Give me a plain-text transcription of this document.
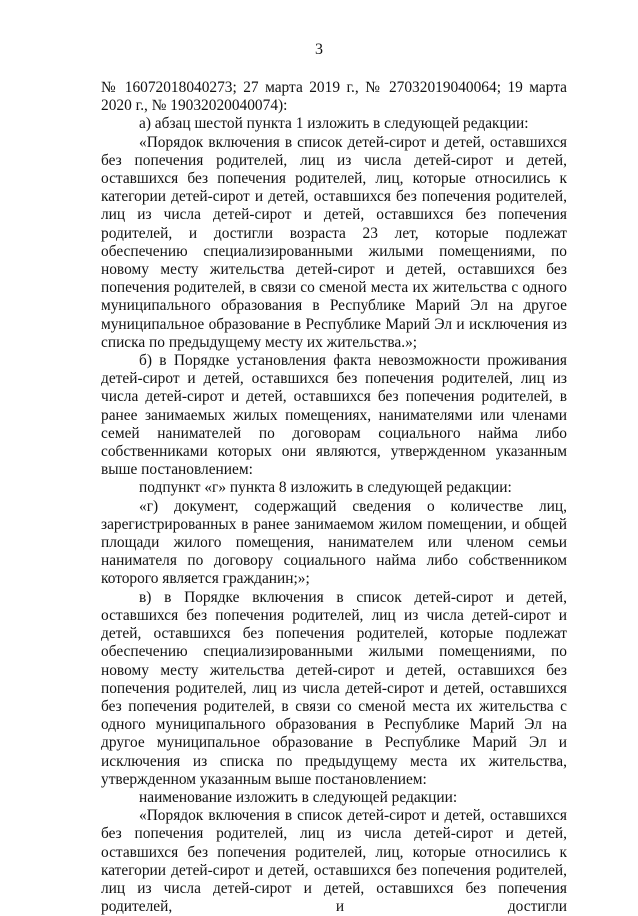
3

№ 16072018040273; 27 марта 2019 г., № 27032019040064; 19 марта 2020 г., № 19032020040074):

а) абзац шестой пункта 1 изложить в следующей редакции:

«Порядок включения в список детей-сирот и детей, оставшихся без попечения родителей, лиц из числа детей-сирот и детей, оставшихся без попечения родителей, лиц, которые относились к категории детей-сирот и детей, оставшихся без попечения родителей, лиц из числа детей-сирот и детей, оставшихся без попечения родителей, и достигли возраста 23 лет, которые подлежат обеспечению специализированными жилыми помещениями, по новому месту жительства детей-сирот и детей, оставшихся без попечения родителей, в связи со сменой места их жительства с одного муниципального образования в Республике Марий Эл на другое муниципальное образование в Республике Марий Эл и исключения из списка по предыдущему месту их жительства.»;

б) в Порядке установления факта невозможности проживания детей-сирот и детей, оставшихся без попечения родителей, лиц из числа детей-сирот и детей, оставшихся без попечения родителей, в ранее занимаемых жилых помещениях, нанимателями или членами семей нанимателей по договорам социального найма либо собственниками которых они являются, утвержденном указанным выше постановлением:

подпункт «г» пункта 8 изложить в следующей редакции:

«г) документ, содержащий сведения о количестве лиц, зарегистрированных в ранее занимаемом жилом помещении, и общей площади жилого помещения, нанимателем или членом семьи нанимателя по договору социального найма либо собственником которого является гражданин;»;

в) в Порядке включения в список детей-сирот и детей, оставшихся без попечения родителей, лиц из числа детей-сирот и детей, оставшихся без попечения родителей, которые подлежат обеспечению специализированными жилыми помещениями, по новому месту жительства детей-сирот и детей, оставшихся без попечения родителей, лиц из числа детей-сирот и детей, оставшихся без попечения родителей, в связи со сменой места их жительства с одного муниципального образования в Республике Марий Эл на другое муниципальное образование в Республике Марий Эл и исключения из списка по предыдущему места их жительства, утвержденном указанным выше постановлением:

наименование изложить в следующей редакции:

«Порядок включения в список детей-сирот и детей, оставшихся без попечения родителей, лиц из числа детей-сирот и детей, оставшихся без попечения родителей, лиц, которые относились к категории детей-сирот и детей, оставшихся без попечения родителей, лиц из числа детей-сирот и детей, оставшихся без попечения родителей, и достигли
